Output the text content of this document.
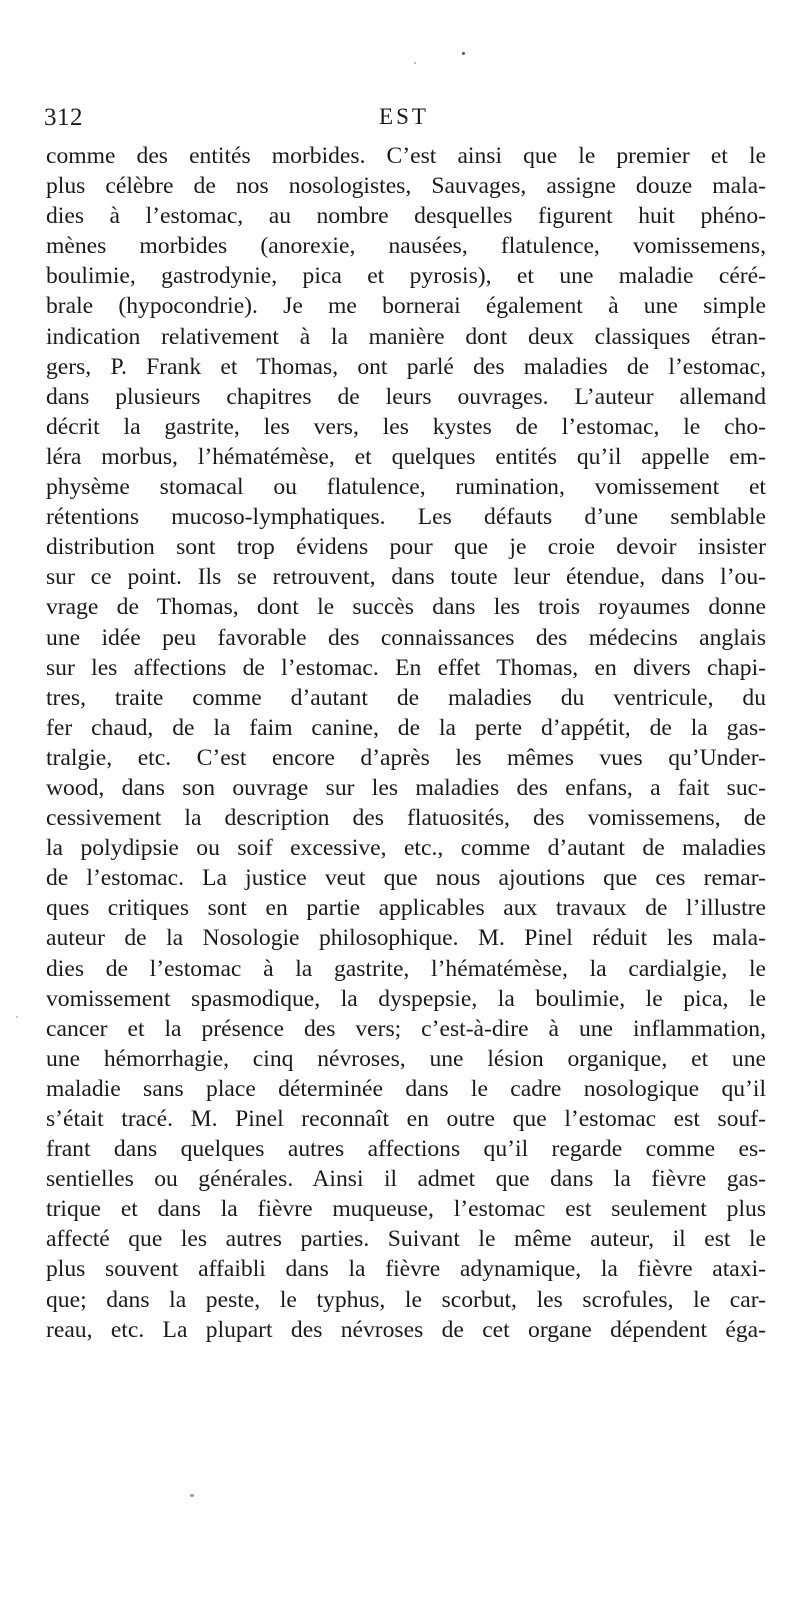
312	EST
comme des entités morbides. C’est ainsi que le premier et le
plus célèbre de nos nosologistes, Sauvages, assigne douze mala-
dies à l’estomac, au nombre desquelles figurent huit phéno-
mènes morbides (anorexie, nausées, flatulence, vomissemens,
boulimie, gastrodynie, pica et pyrosis), et une maladie céré-
brale (hypocondrie). Je me bornerai également à une simple
indication relativement à la manière dont deux classiques étran-
gers, P. Frank et Thomas, ont parlé des maladies de l’estomac,
dans plusieurs chapitres de leurs ouvrages. L’auteur allemand
décrit la gastrite, les vers, les kystes de l’estomac, le cho-
léra morbus, l’hématémèse, et quelques entités qu’il appelle em-
physème stomacal ou flatulence, rumination, vomissement et
rétentions mucoso-lymphatiques. Les défauts d’une semblable
distribution sont trop évidens pour que je croie devoir insister
sur ce point. Ils se retrouvent, dans toute leur étendue, dans l’ou-
vrage de Thomas, dont le succès dans les trois royaumes donne
une idée peu favorable des connaissances des médecins anglais
sur les affections de l’estomac. En effet Thomas, en divers chapi-
tres, traite comme d’autant de maladies du ventricule, du
fer chaud, de la faim canine, de la perte d’appétit, de la gas-
tralgie, etc. C’est encore d’après les mêmes vues qu’Under-
wood, dans son ouvrage sur les maladies des enfans, a fait suc-
cessivement la description des flatuosités, des vomissemens, de
la polydipsie ou soif excessive, etc., comme d’autant de maladies
de l’estomac. La justice veut que nous ajoutions que ces remar-
ques critiques sont en partie applicables aux travaux de l’illustre
auteur de la Nosologie philosophique. M. Pinel réduit les mala-
dies de l’estomac à la gastrite, l’hématémèse, la cardialgie, le
vomissement spasmodique, la dyspepsie, la boulimie, le pica, le
cancer et la présence des vers; c’est-à-dire à une inflammation,
une hémorrhagie, cinq névroses, une lésion organique, et une
maladie sans place déterminée dans le cadre nosologique qu’il
s’était tracé. M. Pinel reconnaît en outre que l’estomac est souf-
frant dans quelques autres affections qu’il regarde comme es-
sentielles ou générales. Ainsi il admet que dans la fièvre gas-
trique et dans la fièvre muqueuse, l’estomac est seulement plus
affecté que les autres parties. Suivant le même auteur, il est le
plus souvent affaibli dans la fièvre adynamique, la fièvre ataxi-
que; dans la peste, le typhus, le scorbut, les scrofules, le car-
reau, etc. La plupart des névroses de cet organe dépendent éga-
